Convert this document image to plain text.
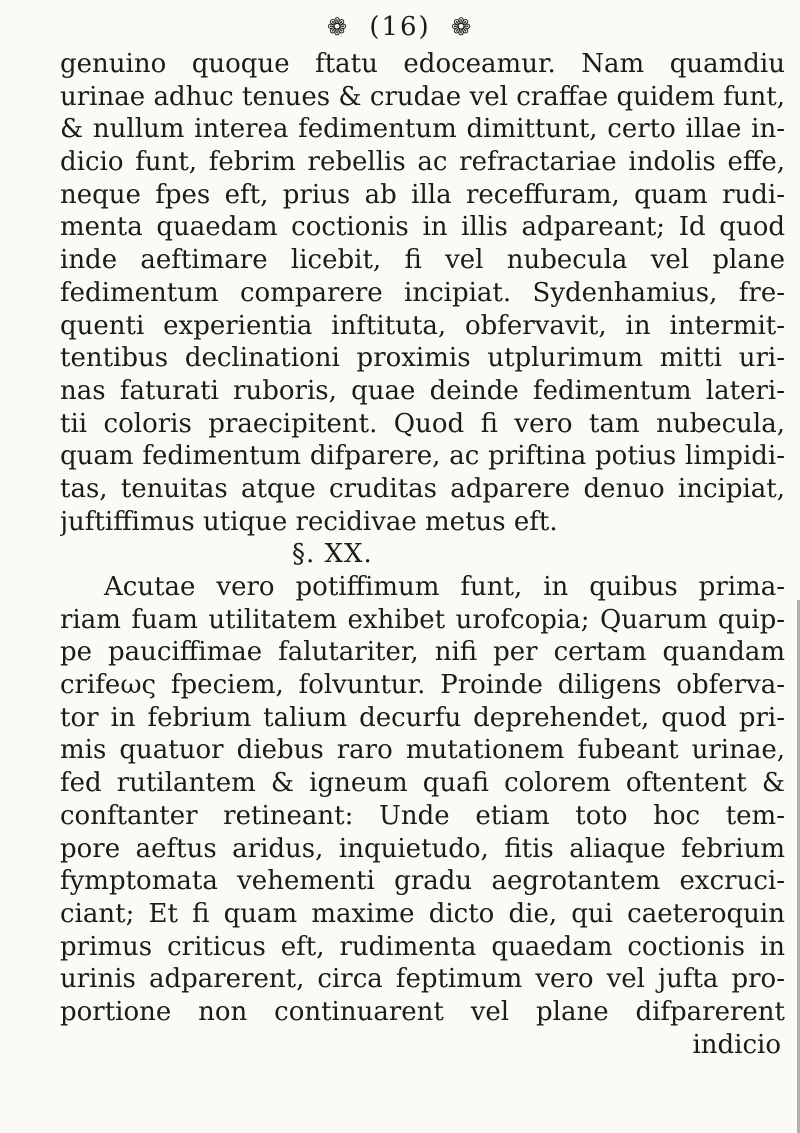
❁ (16) ❁
genuino quoque ftatu edoceamur. Nam quamdiu
urinae adhuc tenues & crudae vel craffae quidem funt,
& nullum interea fedimentum dimittunt, certo illae in-
dicio funt, febrim rebellis ac refractariae indolis effe,
neque fpes eft, prius ab illa receffuram, quam rudi-
menta quaedam coctionis in illis adpareant; Id quod
inde aeftimare licebit, fi vel nubecula vel plane
fedimentum comparere incipiat. Sydenhamius, fre-
quenti experientia inftituta, obfervavit, in intermit-
tentibus declinationi proximis utplurimum mitti uri-
nas faturati ruboris, quae deinde fedimentum lateri-
tii coloris praecipitent. Quod fi vero tam nubecula,
quam fedimentum difparere, ac priftina potius limpidi-
tas, tenuitas atque cruditas adparere denuo incipiat,
juftiffimus utique recidivae metus eft.
§. XX.
Acutae vero potiffimum funt, in quibus prima-
riam fuam utilitatem exhibet urofcopia; Quarum quip-
pe pauciffimae falutariter, nifi per certam quandam
crifeως fpeciem, folvuntur. Proinde diligens obferva-
tor in febrium talium decurfu deprehendet, quod pri-
mis quatuor diebus raro mutationem fubeant urinae,
fed rutilantem & igneum quafi colorem oftentent &
conftanter retineant: Unde etiam toto hoc tem-
pore aeftus aridus, inquietudo, fitis aliaque febrium
fymptomata vehementi gradu aegrotantem excruci-
ciant; Et fi quam maxime dicto die, qui caeteroquin
primus criticus eft, rudimenta quaedam coctionis in
urinis adparerent, circa feptimum vero vel jufta pro-
portione non continuarent vel plane difparerent
indicio
